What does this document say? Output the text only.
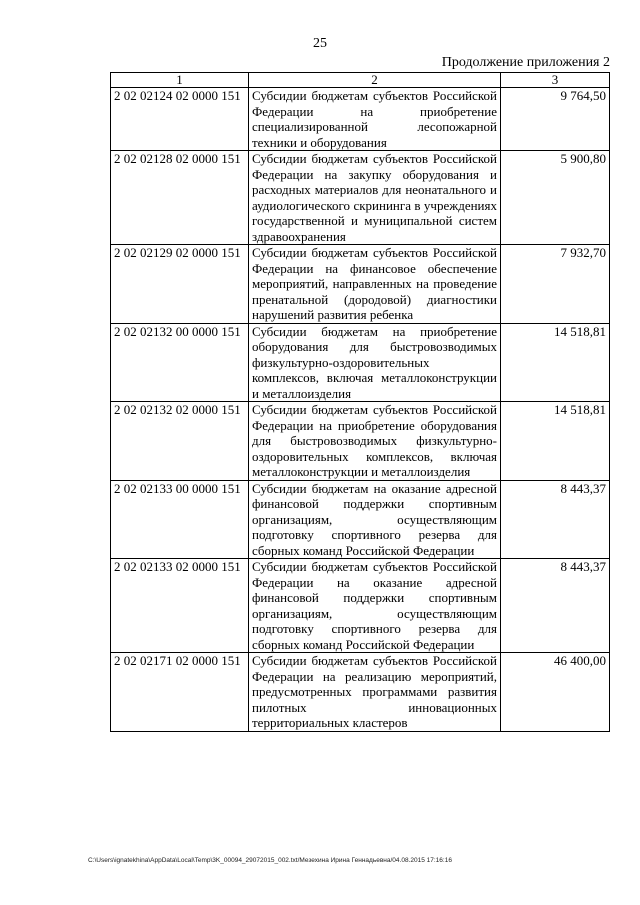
25
Продолжение приложения 2
1	2	3
2 02 02124 02 0000 151	Субсидии бюджетам субъектов Российской Федерации на приобретение специализированной лесопожарной техники и оборудования	9 764,50
2 02 02128 02 0000 151	Субсидии бюджетам субъектов Российской Федерации на закупку оборудования и расходных материалов для неонатального и аудиологического скрининга в учреждениях государственной и муниципальной систем здравоохранения	5 900,80
2 02 02129 02 0000 151	Субсидии бюджетам субъектов Российской Федерации на финансовое обеспечение мероприятий, направленных на проведение пренатальной (дородовой) диагностики нарушений развития ребенка	7 932,70
2 02 02132 00 0000 151	Субсидии бюджетам на приобретение оборудования для быстровозводимых физкультурно-оздоровительных комплексов, включая металлоконструкции и металлоизделия	14 518,81
2 02 02132 02 0000 151	Субсидии бюджетам субъектов Российской Федерации на приобретение оборудования для быстровозводимых физкультурно-оздоровительных комплексов, включая металлоконструкции и металлоизделия	14 518,81
2 02 02133 00 0000 151	Субсидии бюджетам на оказание адресной финансовой поддержки спортивным организациям, осуществляющим подготовку спортивного резерва для сборных команд Российской Федерации	8 443,37
2 02 02133 02 0000 151	Субсидии бюджетам субъектов Российской Федерации на оказание адресной финансовой поддержки спортивным организациям, осуществляющим подготовку спортивного резерва для сборных команд Российской Федерации	8 443,37
2 02 02171 02 0000 151	Субсидии бюджетам субъектов Российской Федерации на реализацию мероприятий, предусмотренных программами развития пилотных инновационных территориальных кластеров	46 400,00
C:\Users\ignatekhina\AppData\Local\Temp\3K_00094_29072015_002.txt/Мезехина Ирина Геннадьевна/04.08.2015 17:16:16
